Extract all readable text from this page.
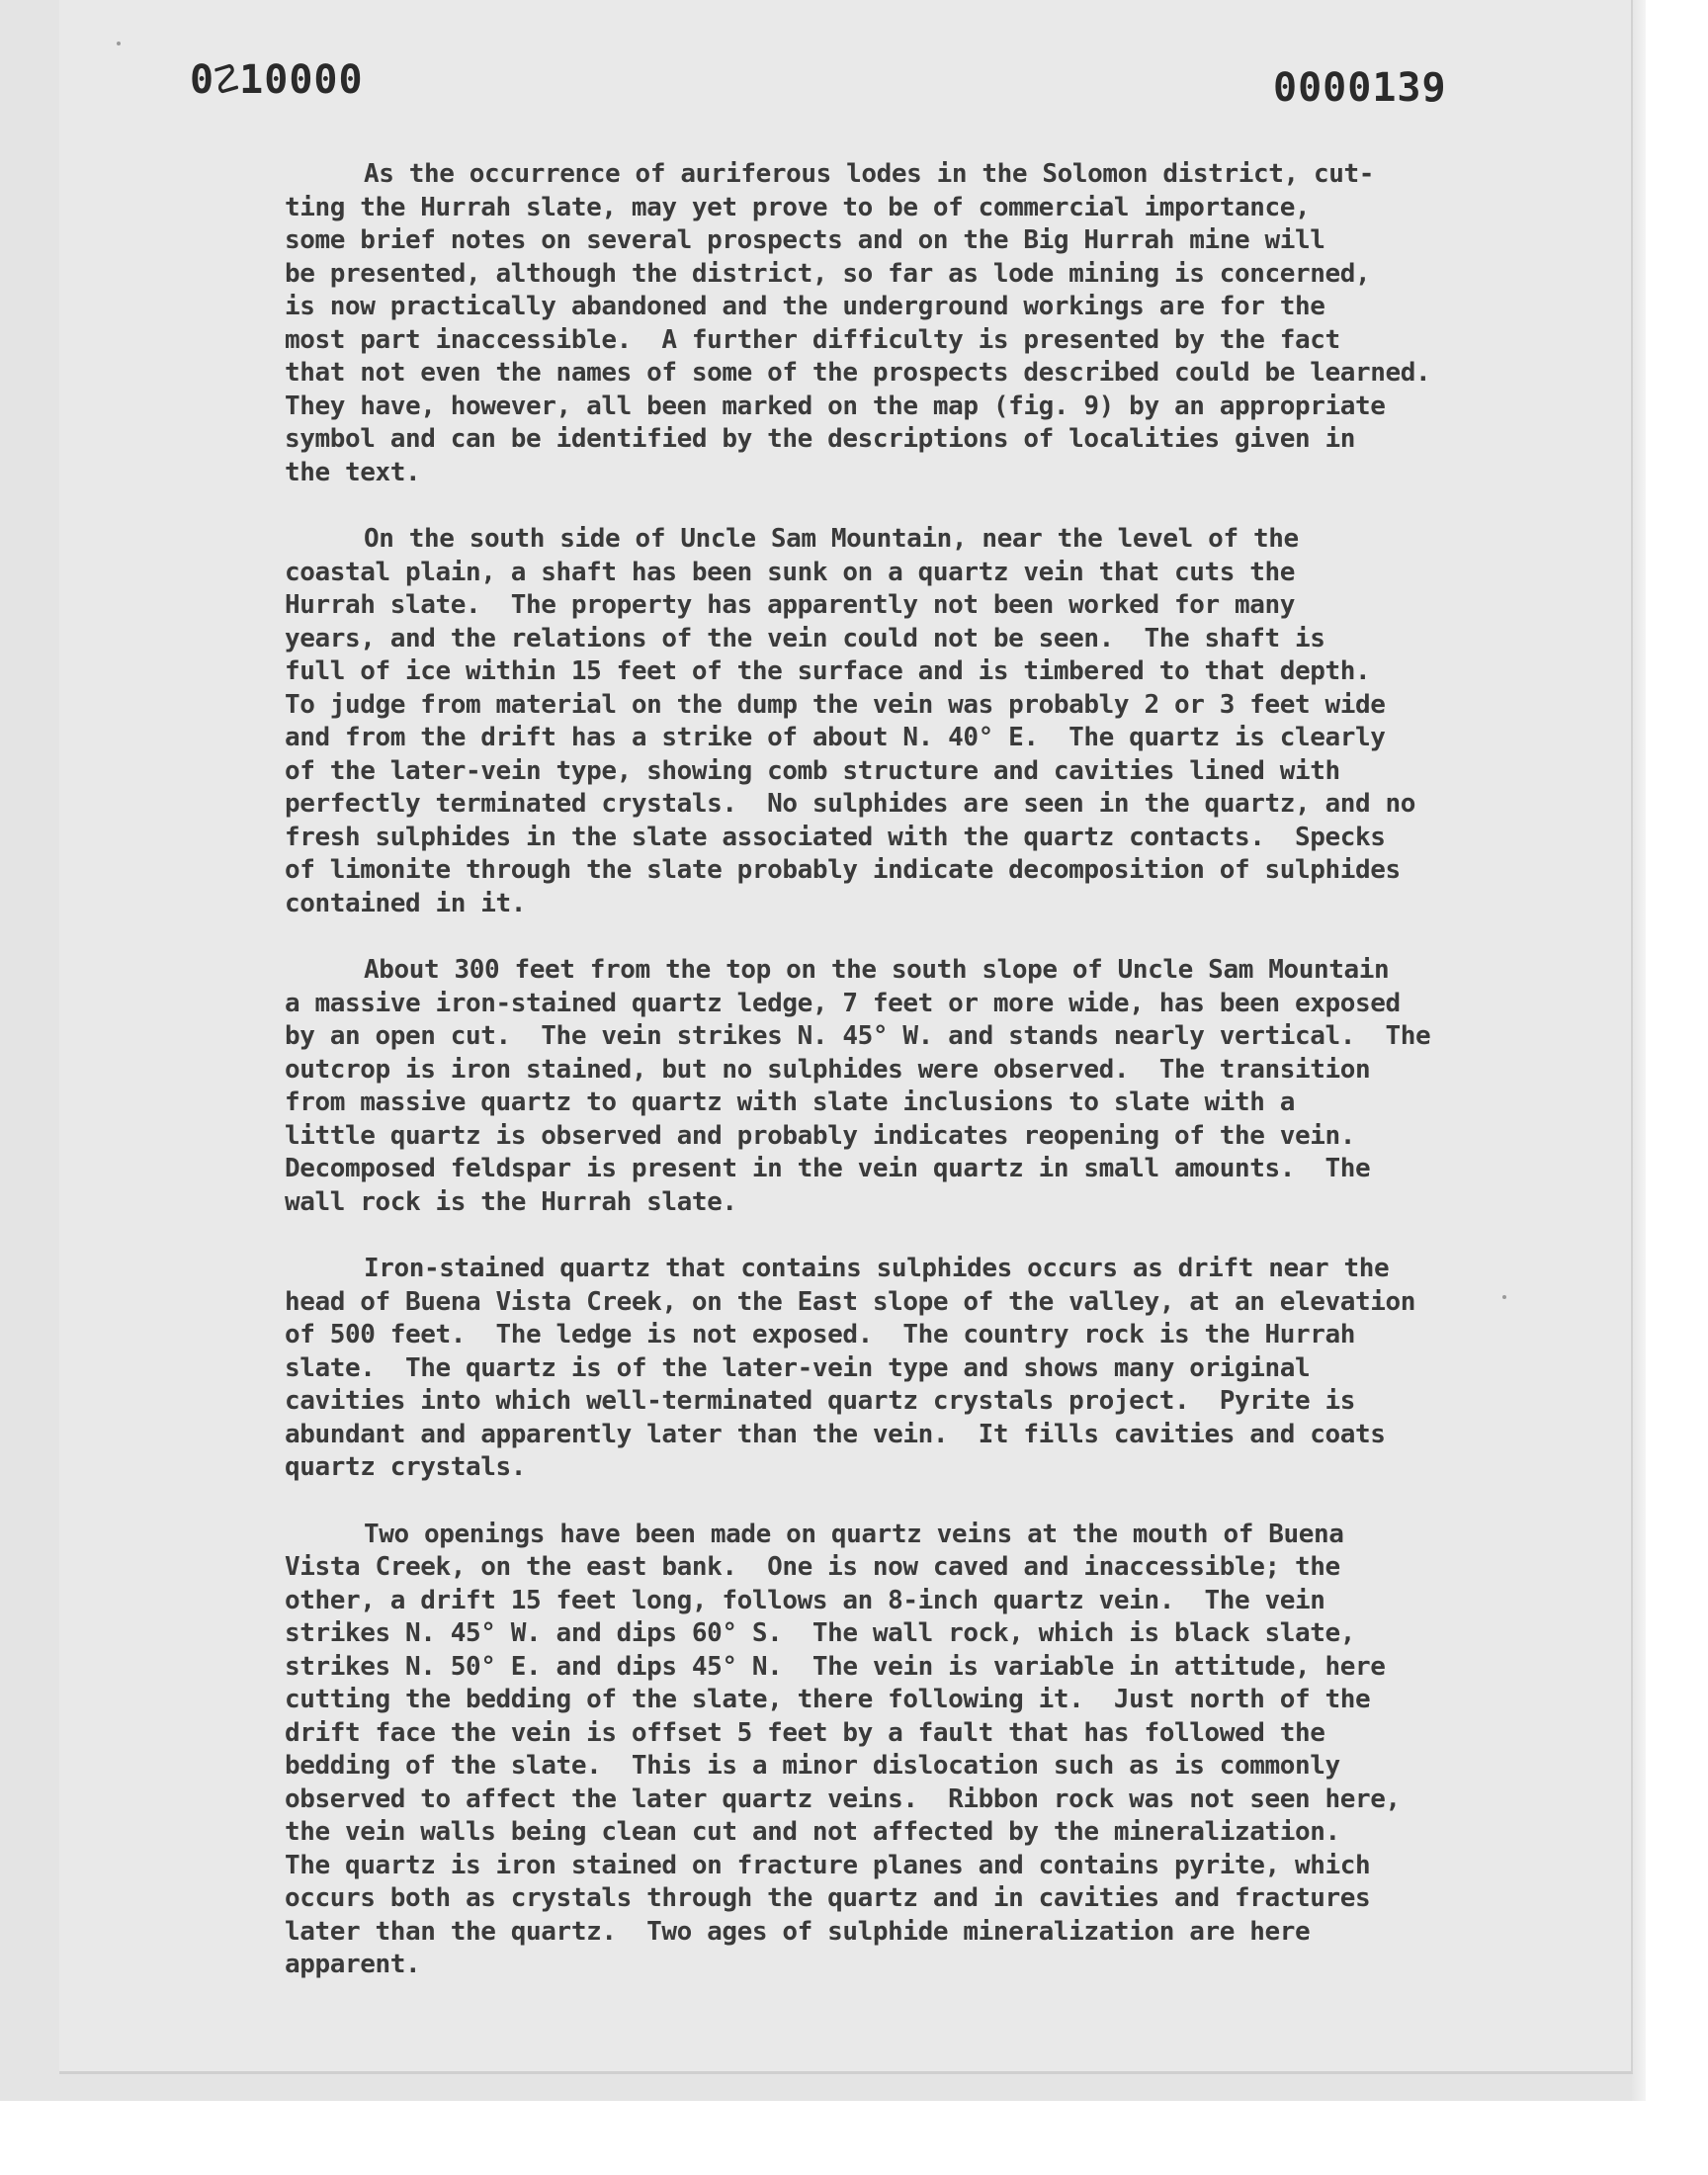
0☡10000	0000139
As the occurrence of auriferous lodes in the Solomon district, cut-
ting the Hurrah slate, may yet prove to be of commercial importance,
some brief notes on several prospects and on the Big Hurrah mine will
be presented, although the district, so far as lode mining is concerned,
is now practically abandoned and the underground workings are for the
most part inaccessible.  A further difficulty is presented by the fact
that not even the names of some of the prospects described could be learned.
They have, however, all been marked on the map (fig. 9) by an appropriate
symbol and can be identified by the descriptions of localities given in
the text.
On the south side of Uncle Sam Mountain, near the level of the
coastal plain, a shaft has been sunk on a quartz vein that cuts the
Hurrah slate.  The property has apparently not been worked for many
years, and the relations of the vein could not be seen.  The shaft is
full of ice within 15 feet of the surface and is timbered to that depth.
To judge from material on the dump the vein was probably 2 or 3 feet wide
and from the drift has a strike of about N. 40° E.  The quartz is clearly
of the later-vein type, showing comb structure and cavities lined with
perfectly terminated crystals.  No sulphides are seen in the quartz, and no
fresh sulphides in the slate associated with the quartz contacts.  Specks
of limonite through the slate probably indicate decomposition of sulphides
contained in it.
About 300 feet from the top on the south slope of Uncle Sam Mountain
a massive iron-stained quartz ledge, 7 feet or more wide, has been exposed
by an open cut.  The vein strikes N. 45° W. and stands nearly vertical.  The
outcrop is iron stained, but no sulphides were observed.  The transition
from massive quartz to quartz with slate inclusions to slate with a
little quartz is observed and probably indicates reopening of the vein.
Decomposed feldspar is present in the vein quartz in small amounts.  The
wall rock is the Hurrah slate.
Iron-stained quartz that contains sulphides occurs as drift near the
head of Buena Vista Creek, on the East slope of the valley, at an elevation
of 500 feet.  The ledge is not exposed.  The country rock is the Hurrah
slate.  The quartz is of the later-vein type and shows many original
cavities into which well-terminated quartz crystals project.  Pyrite is
abundant and apparently later than the vein.  It fills cavities and coats
quartz crystals.
Two openings have been made on quartz veins at the mouth of Buena
Vista Creek, on the east bank.  One is now caved and inaccessible; the
other, a drift 15 feet long, follows an 8-inch quartz vein.  The vein
strikes N. 45° W. and dips 60° S.  The wall rock, which is black slate,
strikes N. 50° E. and dips 45° N.  The vein is variable in attitude, here
cutting the bedding of the slate, there following it.  Just north of the
drift face the vein is offset 5 feet by a fault that has followed the
bedding of the slate.  This is a minor dislocation such as is commonly
observed to affect the later quartz veins.  Ribbon rock was not seen here,
the vein walls being clean cut and not affected by the mineralization.
The quartz is iron stained on fracture planes and contains pyrite, which
occurs both as crystals through the quartz and in cavities and fractures
later than the quartz.  Two ages of sulphide mineralization are here
apparent.
